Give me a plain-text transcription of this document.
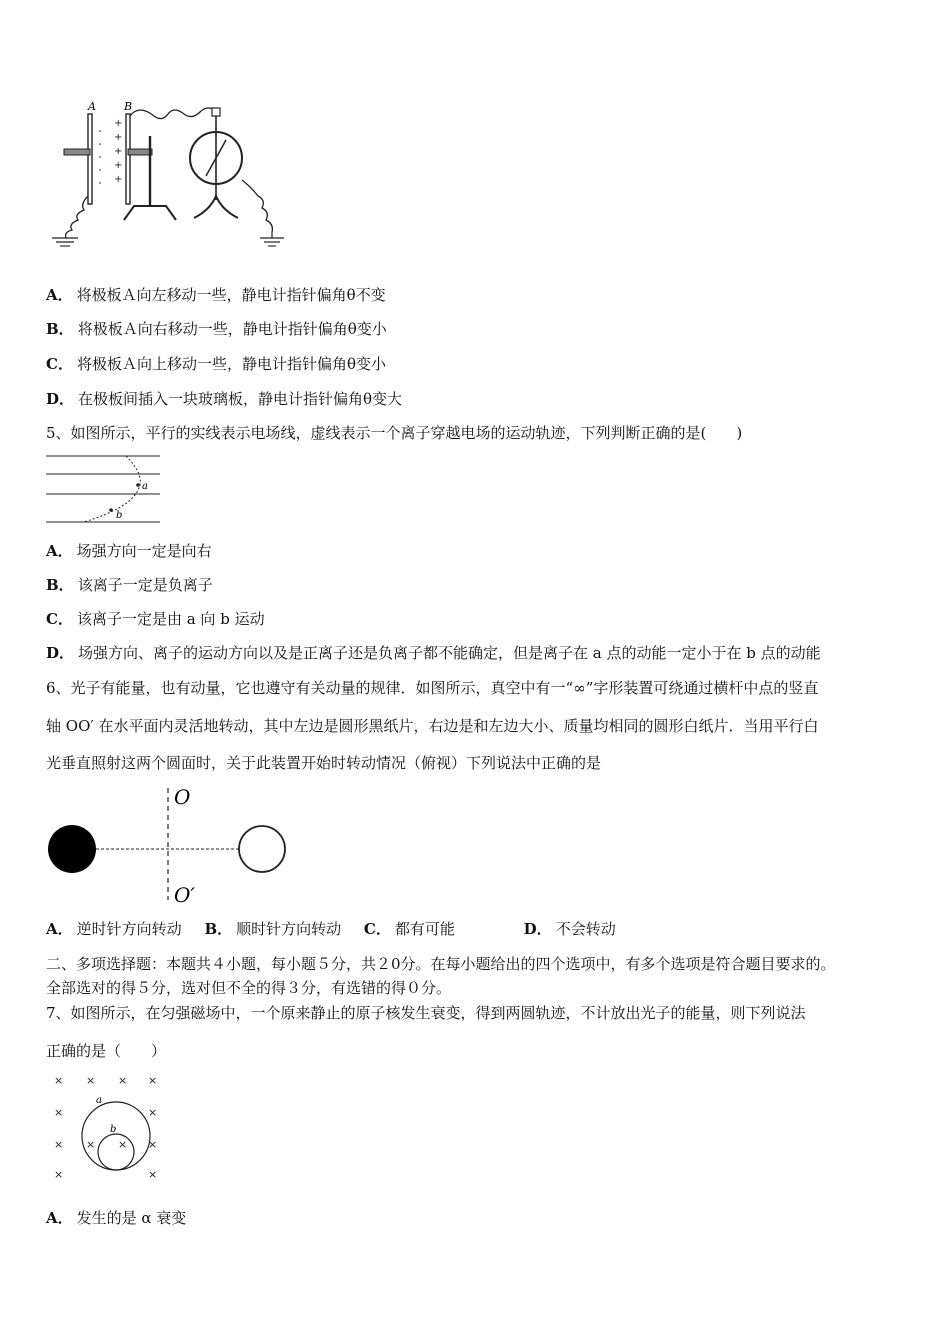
A	B
+
+
+
+
+
A． 将极板Ａ向左移动一些，静电计指针偏角θ不变
B． 将极板Ａ向右移动一些，静电计指针偏角θ变小
C． 将极板Ａ向上移动一些，静电计指针偏角θ变小
D． 在极板间插入一块玻璃板，静电计指针偏角θ变大
5、如图所示，平行的实线表示电场线，虚线表示一个离子穿越电场的运动轨迹，下列判断正确的是(　　)
a
b
A． 场强方向一定是向右
B． 该离子一定是负离子
C． 该离子一定是由 a 向 b 运动
D． 场强方向、离子的运动方向以及是正离子还是负离子都不能确定，但是离子在 a 点的动能一定小于在 b 点的动能
6、光子有能量，也有动量，它也遵守有关动量的规律．如图所示，真空中有一“∞”字形装置可绕通过横杆中点的竖直
轴 OO′ 在水平面内灵活地转动，其中左边是圆形黑纸片，右边是和左边大小、质量均相同的圆形白纸片．当用平行白
光垂直照射这两个圆面时，关于此装置开始时转动情况（俯视）下列说法中正确的是
O
O′
A． 逆时针方向转动 B． 顺时针方向转动 C． 都有可能	D． 不会转动
二、多项选择题：本题共４小题，每小题５分，共２0分。在每小题给出的四个选项中，有多个选项是符合题目要求的。
全部选对的得５分，选对但不全的得３分，有选错的得０分。
7、如图所示，在匀强磁场中，一个原来静止的原子核发生衰变，得到两圆轨迹，不计放出光子的能量，则下列说法
正确的是（　　）
× × × ×
×	×
× × × ×
×	×
a
b
A． 发生的是 α 衰变
